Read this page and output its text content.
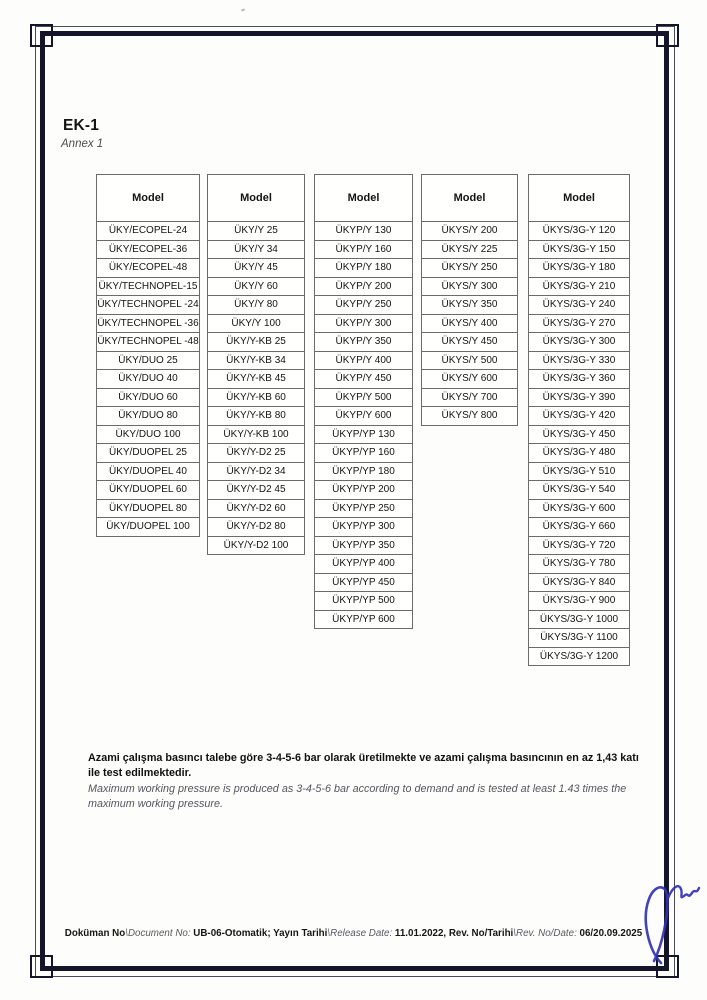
EK-1
Annex 1
Model
ÜKY/ECOPEL-24
ÜKY/ECOPEL-36
ÜKY/ECOPEL-48
ÜKY/TECHNOPEL-15
ÜKY/TECHNOPEL -24
ÜKY/TECHNOPEL -36
ÜKY/TECHNOPEL -48
ÜKY/DUO 25
ÜKY/DUO 40
ÜKY/DUO 60
ÜKY/DUO 80
ÜKY/DUO 100
ÜKY/DUOPEL 25
ÜKY/DUOPEL 40
ÜKY/DUOPEL 60
ÜKY/DUOPEL 80
ÜKY/DUOPEL 100
Model
ÜKY/Y 25
ÜKY/Y 34
ÜKY/Y 45
ÜKY/Y 60
ÜKY/Y 80
ÜKY/Y 100
ÜKY/Y-KB 25
ÜKY/Y-KB 34
ÜKY/Y-KB 45
ÜKY/Y-KB 60
ÜKY/Y-KB 80
ÜKY/Y-KB 100
ÜKY/Y-D2 25
ÜKY/Y-D2 34
ÜKY/Y-D2 45
ÜKY/Y-D2 60
ÜKY/Y-D2 80
ÜKY/Y-D2 100
Model
ÜKYP/Y 130
ÜKYP/Y 160
ÜKYP/Y 180
ÜKYP/Y 200
ÜKYP/Y 250
ÜKYP/Y 300
ÜKYP/Y 350
ÜKYP/Y 400
ÜKYP/Y 450
ÜKYP/Y 500
ÜKYP/Y 600
ÜKYP/YP 130
ÜKYP/YP 160
ÜKYP/YP 180
ÜKYP/YP 200
ÜKYP/YP 250
ÜKYP/YP 300
ÜKYP/YP 350
ÜKYP/YP 400
ÜKYP/YP 450
ÜKYP/YP 500
ÜKYP/YP 600
Model
ÜKYS/Y 200
ÜKYS/Y 225
ÜKYS/Y 250
ÜKYS/Y 300
ÜKYS/Y 350
ÜKYS/Y 400
ÜKYS/Y 450
ÜKYS/Y 500
ÜKYS/Y 600
ÜKYS/Y 700
ÜKYS/Y 800
Model
ÜKYS/3G-Y 120
ÜKYS/3G-Y 150
ÜKYS/3G-Y 180
ÜKYS/3G-Y 210
ÜKYS/3G-Y 240
ÜKYS/3G-Y 270
ÜKYS/3G-Y 300
ÜKYS/3G-Y 330
ÜKYS/3G-Y 360
ÜKYS/3G-Y 390
ÜKYS/3G-Y 420
ÜKYS/3G-Y 450
ÜKYS/3G-Y 480
ÜKYS/3G-Y 510
ÜKYS/3G-Y 540
ÜKYS/3G-Y 600
ÜKYS/3G-Y 660
ÜKYS/3G-Y 720
ÜKYS/3G-Y 780
ÜKYS/3G-Y 840
ÜKYS/3G-Y 900
ÜKYS/3G-Y 1000
ÜKYS/3G-Y 1100
ÜKYS/3G-Y 1200
Azami çalışma basıncı talebe göre 3-4-5-6 bar olarak üretilmekte ve azami çalışma basıncının en az 1,43 katı ile test edilmektedir.
Maximum working pressure is produced as 3-4-5-6 bar according to demand and is tested at least 1.43 times the maximum working pressure.
Doküman No\Document No: UB-06-Otomatik; Yayın Tarihi\Release Date: 11.01.2022, Rev. No/Tarihi\Rev. No/Date: 06/20.09.2025
